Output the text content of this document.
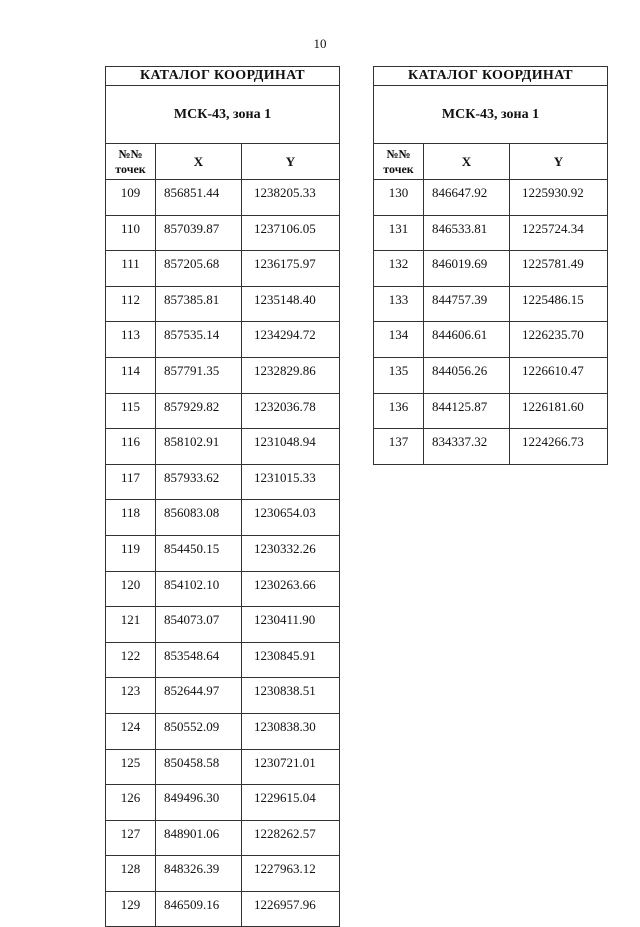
10
КАТАЛОГ КООРДИНАТ		
МСК-43, зона 1		
№№
точек	X	Y
109	856851.44	1238205.33
110	857039.87	1237106.05
111	857205.68	1236175.97
112	857385.81	1235148.40
113	857535.14	1234294.72
114	857791.35	1232829.86
115	857929.82	1232036.78
116	858102.91	1231048.94
117	857933.62	1231015.33
118	856083.08	1230654.03
119	854450.15	1230332.26
120	854102.10	1230263.66
121	854073.07	1230411.90
122	853548.64	1230845.91
123	852644.97	1230838.51
124	850552.09	1230838.30
125	850458.58	1230721.01
126	849496.30	1229615.04
127	848901.06	1228262.57
128	848326.39	1227963.12
129	846509.16	1226957.96
КАТАЛОГ КООРДИНАТ		
МСК-43, зона 1		
№№
точек	X	Y
130	846647.92	1225930.92
131	846533.81	1225724.34
132	846019.69	1225781.49
133	844757.39	1225486.15
134	844606.61	1226235.70
135	844056.26	1226610.47
136	844125.87	1226181.60
137	834337.32	1224266.73
